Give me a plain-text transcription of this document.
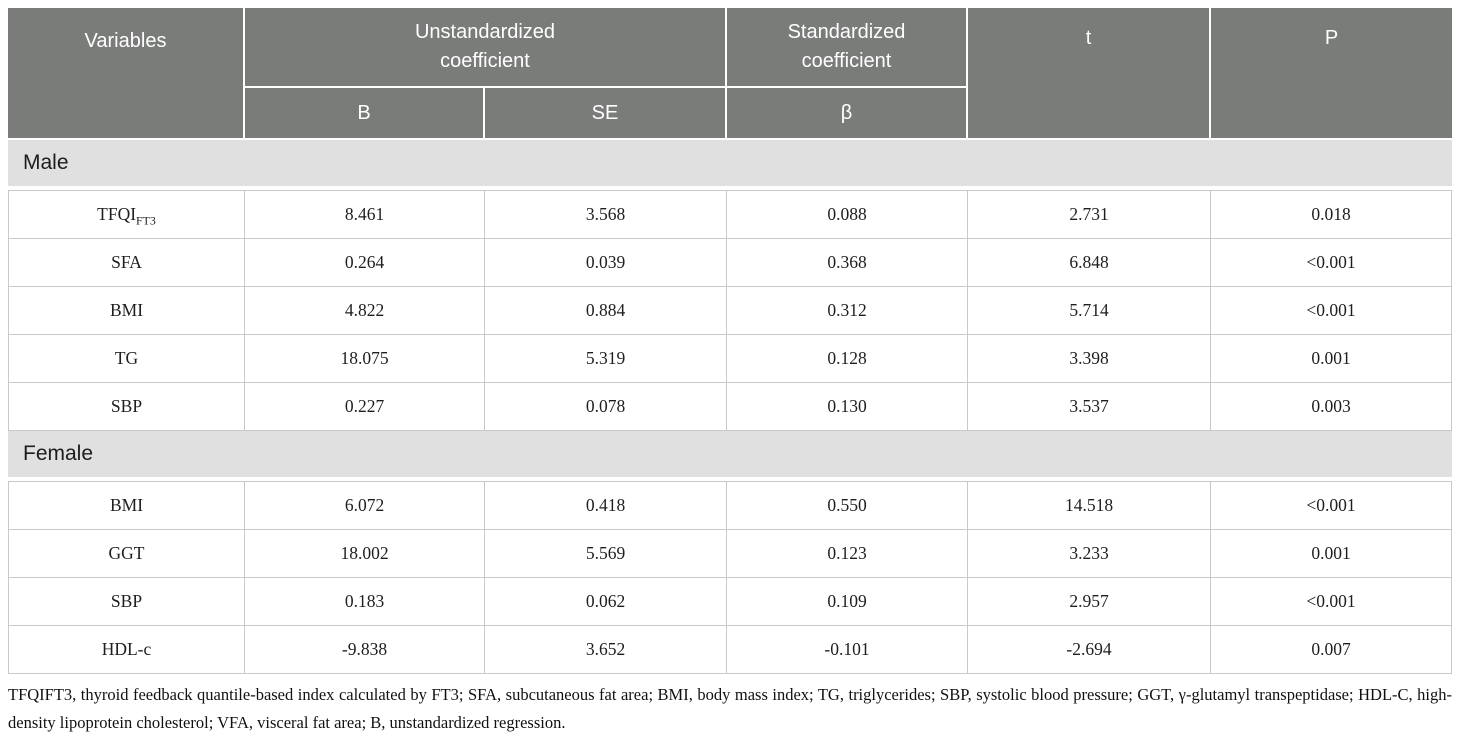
Variables	Unstandardized coefficient		Standardized coefficient	t	P
	B	SE	β		
Male					
$TFQI_{FT3}$	8.461	3.568	0.088	2.731	0.018
SFA	0.264	0.039	0.368	6.848	<0.001
BMI	4.822	0.884	0.312	5.714	<0.001
TG	18.075	5.319	0.128	3.398	0.001
SBP	0.227	0.078	0.130	3.537	0.003
Female					
BMI	6.072	0.418	0.550	14.518	<0.001
GGT	18.002	5.569	0.123	3.233	0.001
SBP	0.183	0.062	0.109	2.957	<0.001
HDL-c	-9.838	3.652	-0.101	-2.694	0.007

TFQIFT3, thyroid feedback quantile-based index calculated by FT3; SFA, subcutaneous fat area; BMI, body mass index; TG, triglycerides; SBP, systolic blood pressure; GGT, γ-glutamyl transpeptidase; HDL-C, high-density lipoprotein cholesterol; VFA, visceral fat area; B, unstandardized regression.
